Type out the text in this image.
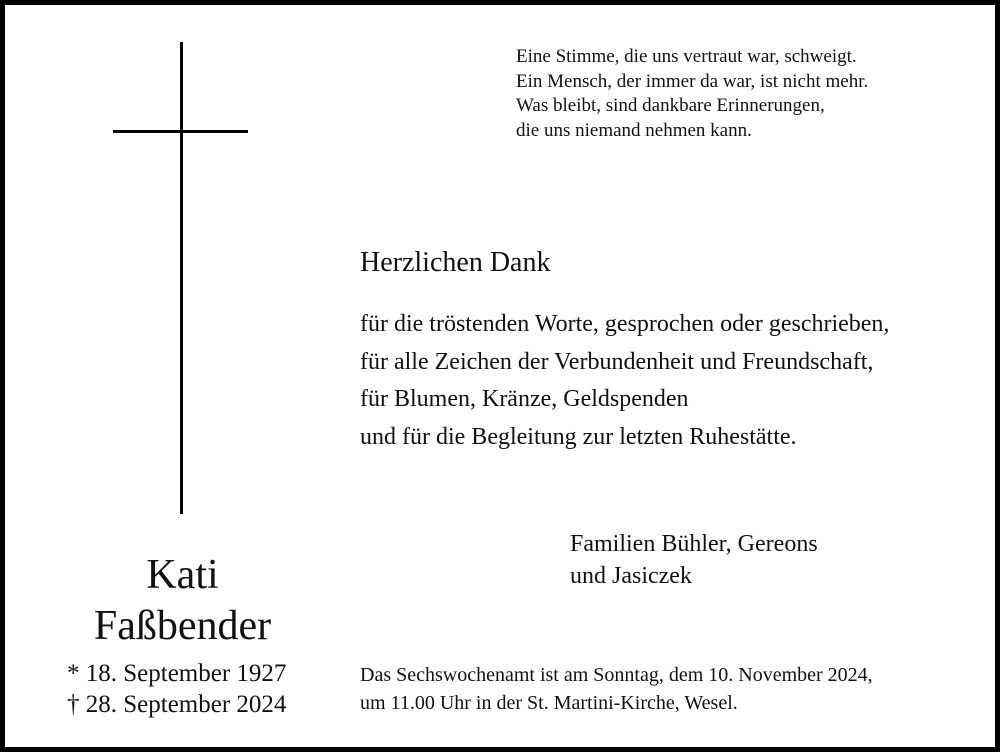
Eine Stimme, die uns vertraut war, schweigt.
Ein Mensch, der immer da war, ist nicht mehr.
Was bleibt, sind dankbare Erinnerungen,
die uns niemand nehmen kann.
Herzlichen Dank
für die tröstenden Worte, gesprochen oder geschrieben,
für alle Zeichen der Verbundenheit und Freundschaft,
für Blumen, Kränze, Geldspenden
und für die Begleitung zur letzten Ruhestätte.
Familien Bühler, Gereons
und Jasiczek
Kati
Faßbender
* 18. September 1927
† 28. September 2024
Das Sechswochenamt ist am Sonntag, dem 10. November 2024,
um 11.00 Uhr in der St. Martini-Kirche, Wesel.
